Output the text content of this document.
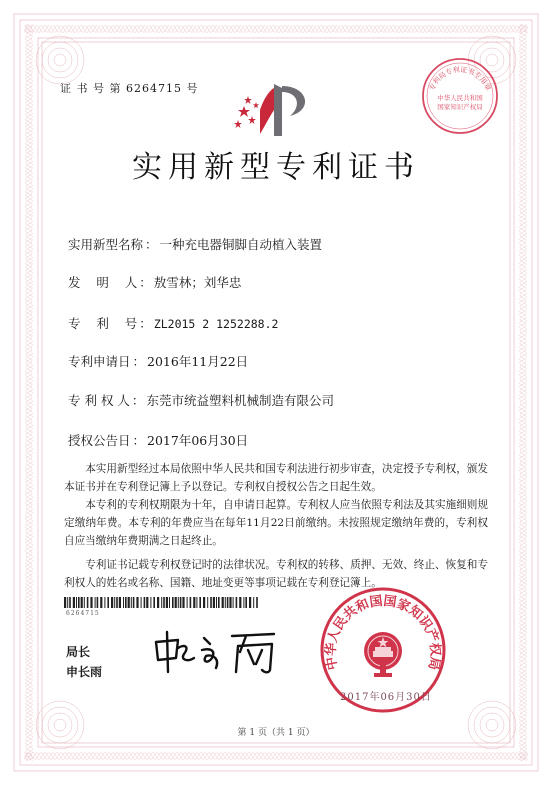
证 书 号 第 6264715 号
实用新型专利证书
专利局专利证书专用章
中华人民共和国
国家知识产权局
实用新型名称 ： 一种充电器铜脚自动植入装置
发    明    人 ： 敖雪林；刘华忠
专    利    号 ： ZL2015 2 1252288.2
专利申请日 ： 2016年11月22日
专 利 权 人 ： 东莞市统益塑料机械制造有限公司
授权公告日 ： 2017年06月30日

本实用新型经过本局依照中华人民共和国专利法进行初步审查，决定授予专利权，颁发本证书并在专利登记簿上予以登记。专利权自授权公告之日起生效。

本专利的专利权期限为十年，自申请日起算。专利权人应当依照专利法及其实施细则规定缴纳年费。本专利的年费应当在每年11月22日前缴纳。未按照规定缴纳年费的，专利权自应当缴纳年费期满之日起终止。

专利证书记载专利权登记时的法律状况。专利权的转移、质押、无效、终止、恢复和专利权人的姓名或名称、国籍、地址变更等事项记载在专利登记簿上。

6264715
局长
申长雨
中华人民共和国国家知识产权局
2017年06月30日
第 1 页（共 1 页）
